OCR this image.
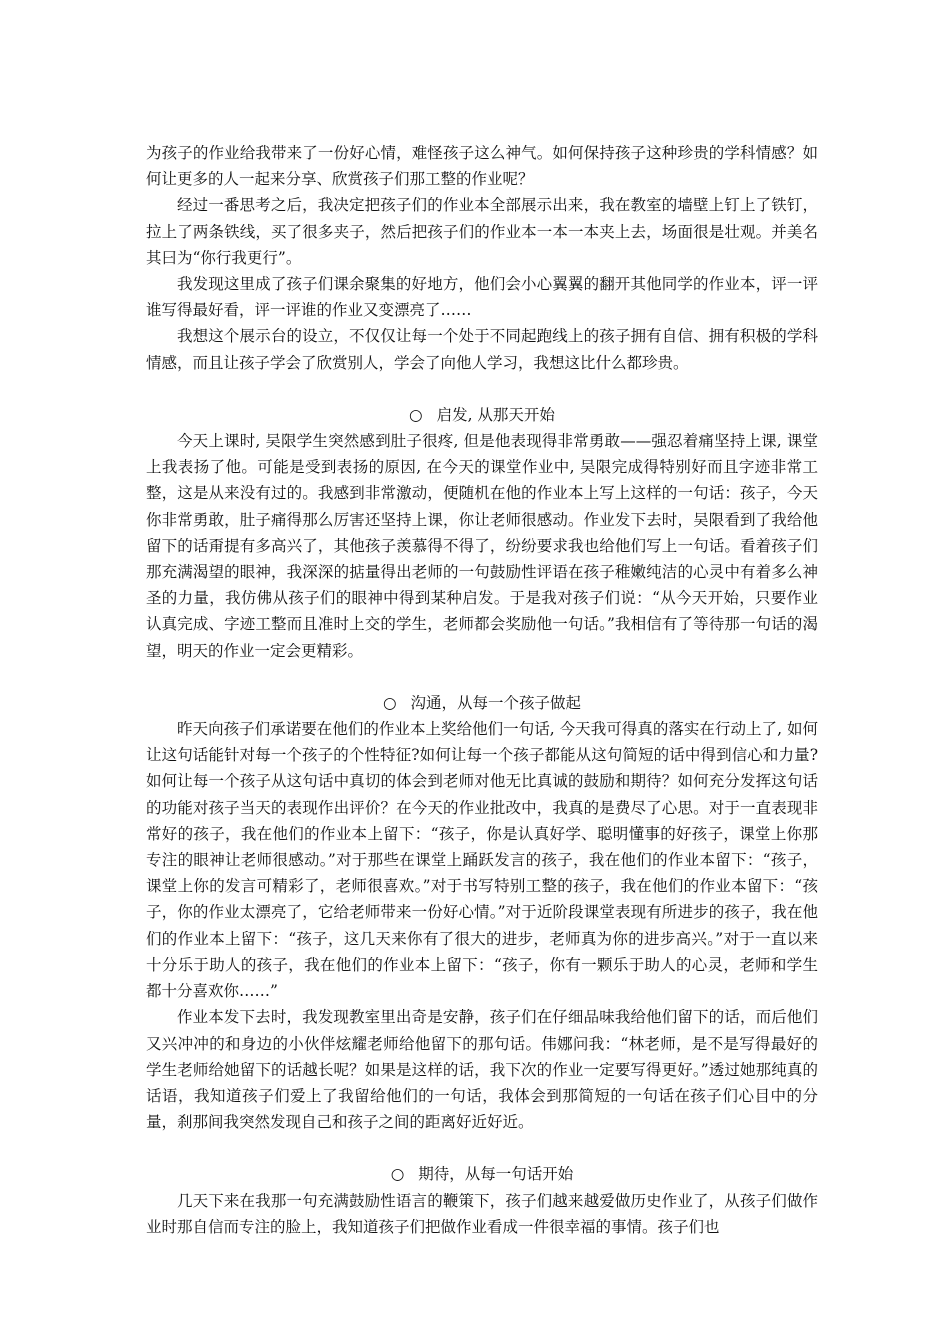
为孩子的作业给我带来了一份好心情，难怪孩子这么神气。如何保持孩子这种珍贵的学科情感？如何让更多的人一起来分享、欣赏孩子们那工整的作业呢？

经过一番思考之后，我决定把孩子们的作业本全部展示出来，我在教室的墙壁上钉上了铁钉，拉上了两条铁线，买了很多夹子，然后把孩子们的作业本一本一本夹上去，场面很是壮观。并美名其曰为“你行我更行”。

我发现这里成了孩子们课余聚集的好地方，他们会小心翼翼的翻开其他同学的作业本，评一评谁写得最好看，评一评谁的作业又变漂亮了……

我想这个展示台的设立，不仅仅让每一个处于不同起跑线上的孩子拥有自信、拥有积极的学科情感，而且让孩子学会了欣赏别人，学会了向他人学习，我想这比什么都珍贵。

○ 启发, 从那天开始

今天上课时, 吴限学生突然感到肚子很疼, 但是他表现得非常勇敢——强忍着痛坚持上课, 课堂上我表扬了他。可能是受到表扬的原因, 在今天的课堂作业中, 吴限完成得特别好而且字迹非常工整，这是从来没有过的。我感到非常激动，便随机在他的作业本上写上这样的一句话：孩子，今天你非常勇敢，肚子痛得那么厉害还坚持上课，你让老师很感动。作业发下去时，吴限看到了我给他留下的话甭提有多高兴了，其他孩子羡慕得不得了，纷纷要求我也给他们写上一句话。看着孩子们那充满渴望的眼神，我深深的掂量得出老师的一句鼓励性评语在孩子稚嫩纯洁的心灵中有着多么神圣的力量，我仿佛从孩子们的眼神中得到某种启发。于是我对孩子们说：“从今天开始，只要作业认真完成、字迹工整而且准时上交的学生，老师都会奖励他一句话。”我相信有了等待那一句话的渴望，明天的作业一定会更精彩。

○ 沟通，从每一个孩子做起

昨天向孩子们承诺要在他们的作业本上奖给他们一句话, 今天我可得真的落实在行动上了, 如何让这句话能针对每一个孩子的个性特征?如何让每一个孩子都能从这句简短的话中得到信心和力量?如何让每一个孩子从这句话中真切的体会到老师对他无比真诚的鼓励和期待？如何充分发挥这句话的功能对孩子当天的表现作出评价？在今天的作业批改中，我真的是费尽了心思。对于一直表现非常好的孩子，我在他们的作业本上留下：“孩子，你是认真好学、聪明懂事的好孩子，课堂上你那专注的眼神让老师很感动。”对于那些在课堂上踊跃发言的孩子，我在他们的作业本留下：“孩子，课堂上你的发言可精彩了，老师很喜欢。”对于书写特别工整的孩子，我在他们的作业本留下：“孩子，你的作业太漂亮了，它给老师带来一份好心情。”对于近阶段课堂表现有所进步的孩子，我在他们的作业本上留下：“孩子，这几天来你有了很大的进步，老师真为你的进步高兴。”对于一直以来十分乐于助人的孩子，我在他们的作业本上留下：“孩子，你有一颗乐于助人的心灵，老师和学生都十分喜欢你……”

作业本发下去时，我发现教室里出奇是安静，孩子们在仔细品味我给他们留下的话，而后他们又兴冲冲的和身边的小伙伴炫耀老师给他留下的那句话。伟娜问我：“林老师，是不是写得最好的学生老师给她留下的话越长呢？如果是这样的话，我下次的作业一定要写得更好。”透过她那纯真的话语，我知道孩子们爱上了我留给他们的一句话，我体会到那简短的一句话在孩子们心目中的分量，刹那间我突然发现自己和孩子之间的距离好近好近。

○ 期待，从每一句话开始

几天下来在我那一句充满鼓励性语言的鞭策下，孩子们越来越爱做历史作业了，从孩子们做作业时那自信而专注的脸上，我知道孩子们把做作业看成一件很幸福的事情。孩子们也
